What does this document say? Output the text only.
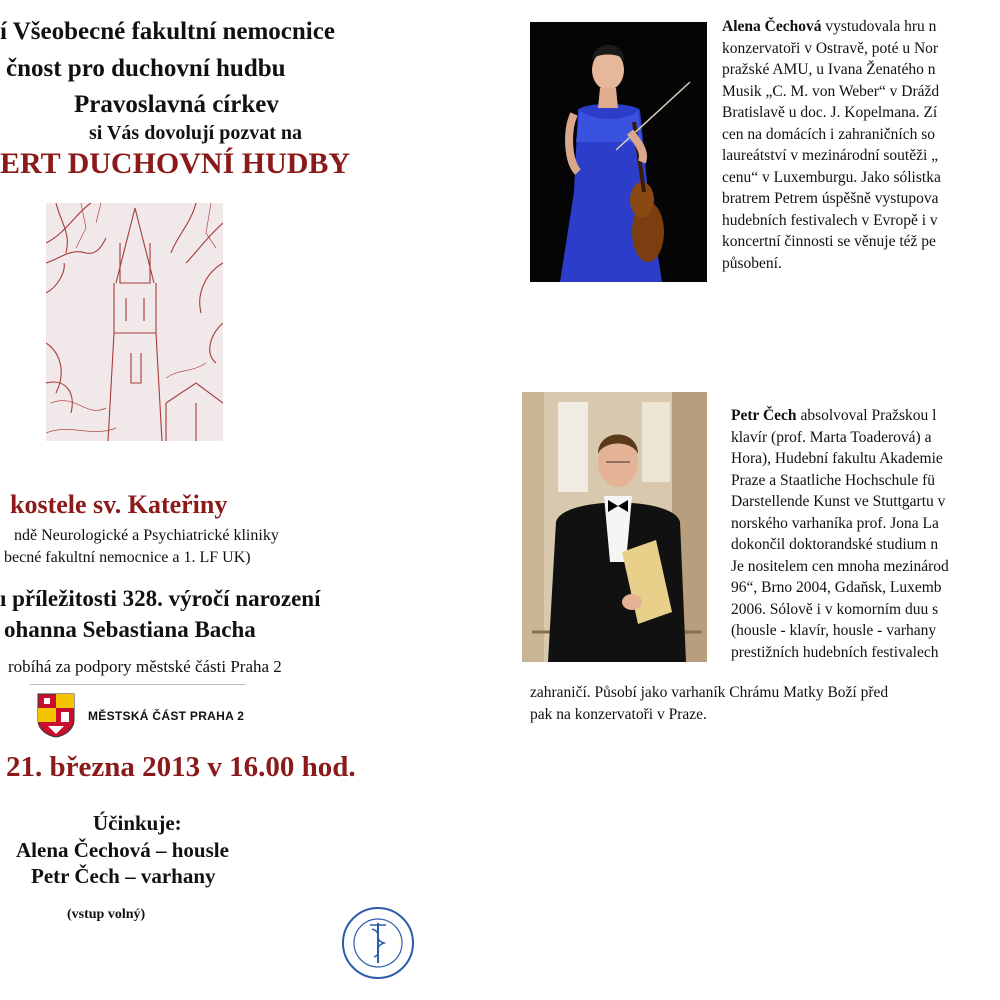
í Všeobecné fakultní nemocnice
čnost pro duchovní hudbu
Pravoslavná církev
si Vás dovolují pozvat na
ERT DUCHOVNÍ HUDBY
kostele sv. Kateřiny
ndě Neurologické a Psychiatrické kliniky
becné fakultní nemocnice a 1. LF UK)
ı příležitosti 328. výročí narození
ohanna Sebastiana Bacha
robíhá za podpory městské části Praha 2
MĚSTSKÁ ČÁST PRAHA 2
21. března 2013 v 16.00 hod.
Účinkuje:
Alena Čechová – housle
Petr Čech – varhany
(vstup volný)
Alena Čechová vystudovala hru n
konzervatoři v Ostravě, poté u Nor
pražské AMU, u Ivana Ženatého n
Musik „C. M. von Weber“ v Drážd
Bratislavě u doc. J. Kopelmana. Zí
cen na domácích i zahraničních so
laureátství v mezinárodní soutěži „
cenu“ v Luxemburgu. Jako sólistka
bratrem Petrem úspěšně vystupova
hudebních festivalech v Evropě i v
koncertní činnosti se věnuje též pe
působení.
Petr Čech absolvoval Pražskou l
klavír (prof. Marta Toaderová) a
Hora), Hudební fakultu Akademie
Praze a Staatliche Hochschule fü
Darstellende Kunst ve Stuttgartu v
norského varhaníka prof. Jona La
dokončil doktorandské studium n
Je nositelem cen mnoha mezinárod
96“, Brno 2004, Gdaňsk, Luxemb
2006. Sólově i v komorním duu s
(housle - klavír, housle - varhany
prestižních hudebních festivalech
zahraničí. Působí jako varhaník Chrámu Matky Boží před
pak na konzervatoři v Praze.
